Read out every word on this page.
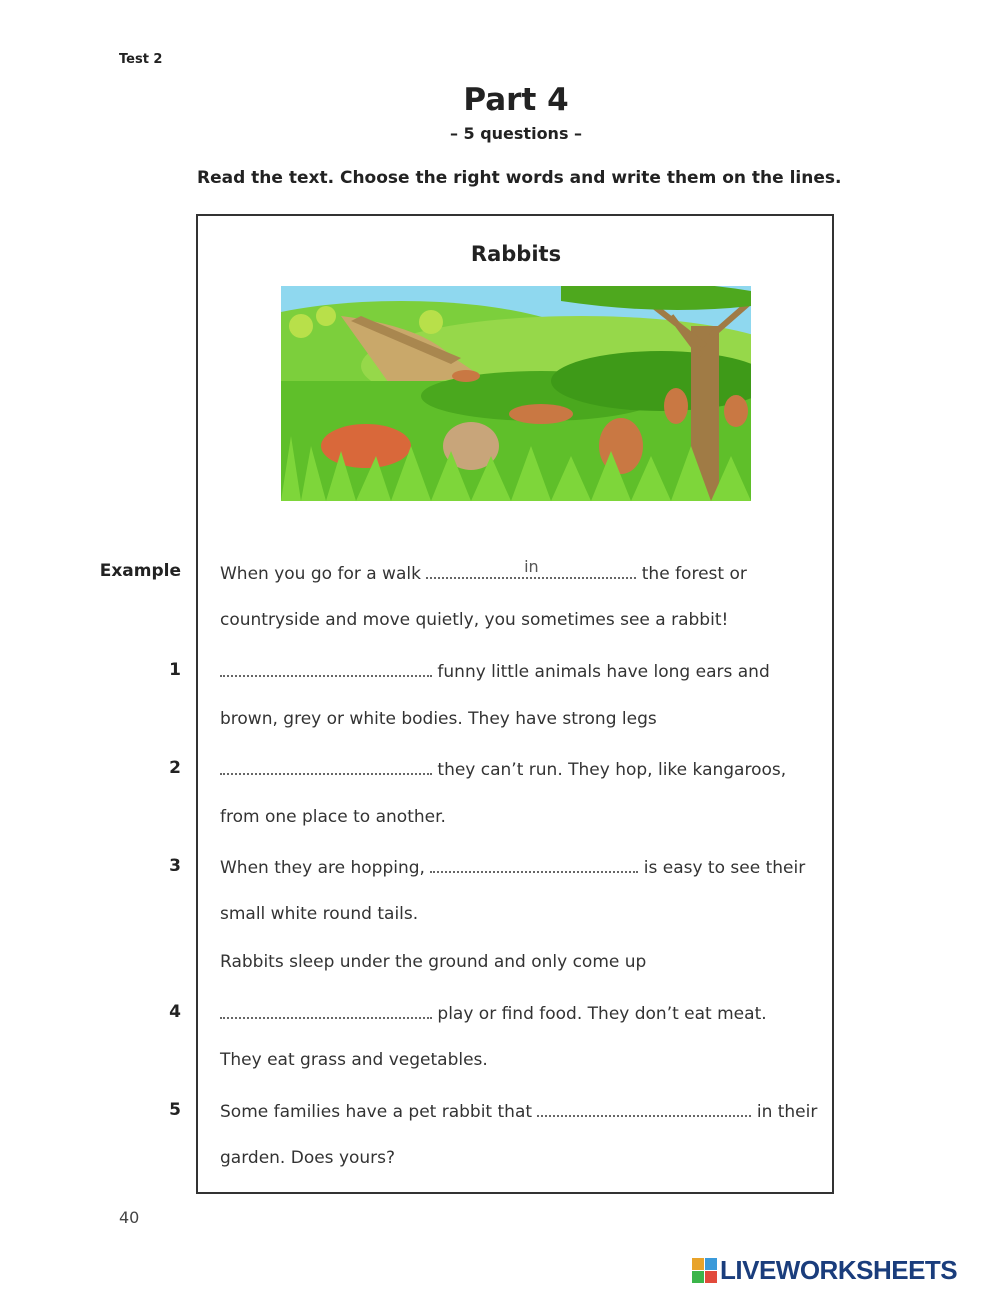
Test 2
Part 4
– 5 questions –
Read the text. Choose the right words and write them on the lines.
Rabbits
Example When you go for a walk	in	the forest or
countryside and move quietly, you sometimes see a rabbit!
1	funny little animals have long ears and
brown, grey or white bodies. They have strong legs
2	they can’t run. They hop, like kangaroos,
from one place to another.
3 When they are hopping,	is easy to see their
small white round tails.
Rabbits sleep under the ground and only come up
4	play or find food. They don’t eat meat.
They eat grass and vegetables.
5 Some families have a pet rabbit that	in their
garden. Does yours?
40
LIVEWORKSHEETS
